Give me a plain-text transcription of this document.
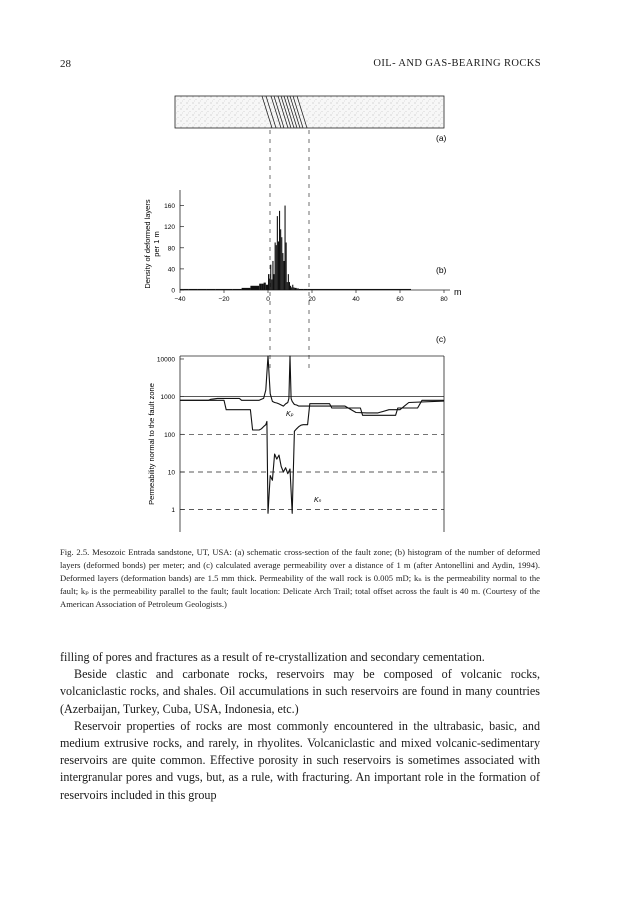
28	OIL- AND GAS-BEARING ROCKS
(a)
0
40
80
120
160
−40	−20	0	20	40	60	80
Density of deformed layers per 1 m
m
(b)
(c)
10000
1000
100
10
1
Permeability normal to the fault zone	Kₚ
Kₙ
Fig. 2.5. Mesozoic Entrada sandstone, UT, USA: (a) schematic cross-section of the fault zone; (b) histogram of the number of deformed layers (deformed bonds) per meter; and (c) calculated average permeability over a distance of 1 m (after Antonellini and Aydin, 1994). Deformed layers (deformation bands) are 1.5 mm thick. Permeability of the wall rock is 0.005 mD; kₙ is the permeability normal to the fault; kₚ is the permeability parallel to the fault; fault location: Delicate Arch Trail; total offset across the fault is 40 m. (Courtesy of the American Association of Petroleum Geologists.)

filling of pores and fractures as a result of re-crystallization and secondary cementation.

Beside clastic and carbonate rocks, reservoirs may be composed of volcanic rocks, volcaniclastic rocks, and shales. Oil accumulations in such reservoirs are found in many countries (Azerbaijan, Turkey, Cuba, USA, Indonesia, etc.)

Reservoir properties of rocks are most commonly encountered in the ultrabasic, basic, and medium extrusive rocks, and rarely, in rhyolites. Volcaniclastic and mixed volcanic-sedimentary reservoirs are quite common. Effective porosity in such reservoirs is sometimes associated with intergranular pores and vugs, but, as a rule, with fracturing. An important role in the formation of reservoirs included in this group
